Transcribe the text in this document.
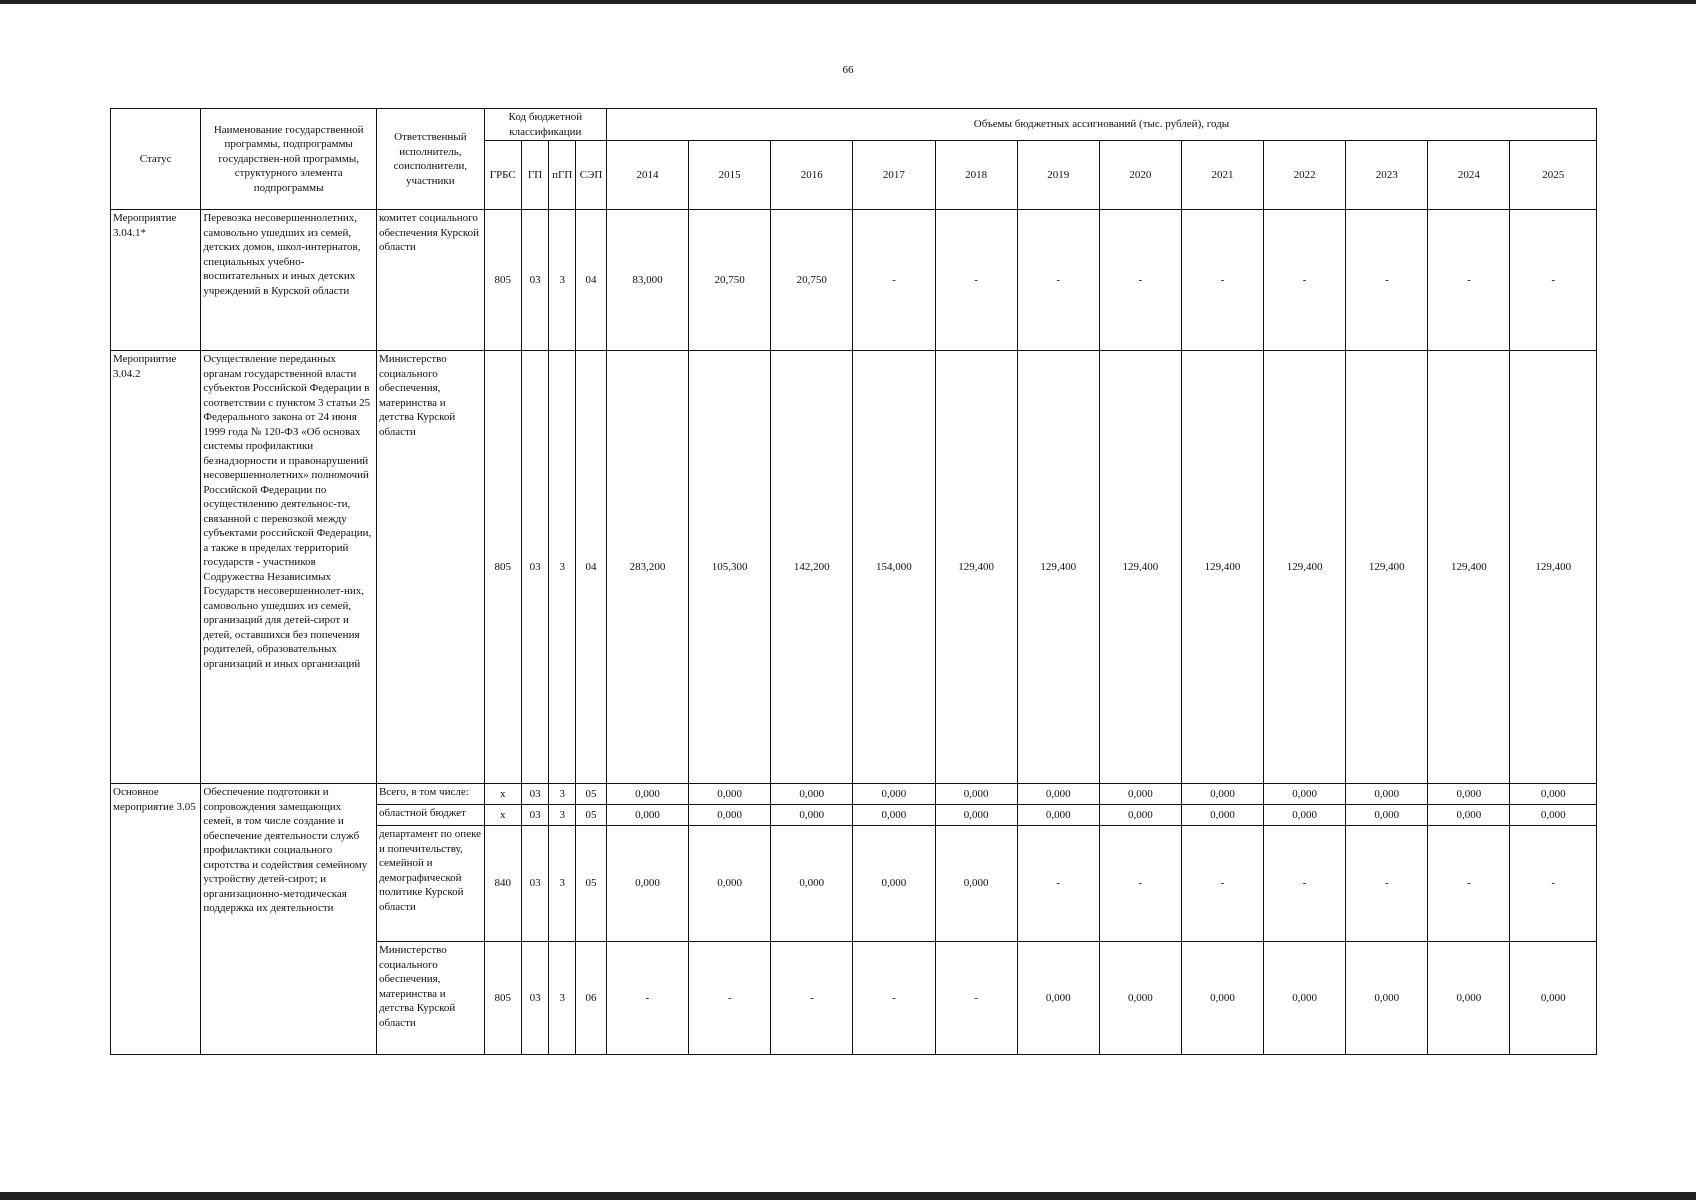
66
Статус	Наименование государственной программы, подпрограммы государствен-ной программы, структурного элемента подпрограммы	Ответственный исполнитель, соисполнители, участники	Код бюджетной классификации				Объемы бюджетных ассигнований (тыс. рублей), годы											
			ГРБС	ГП	пГП	СЭП	2014	2015	2016	2017	2018	2019	2020	2021	2022	2023	2024	2025
Мероприятие 3.04.1*	Перевозка несовершеннолетних, самовольно ушедших из семей, детских домов, школ-интернатов, специальных учебно-воспитательных и иных детских учреждений в Курской области	комитет социального обеспечения Курской области	805	03	3	04	83,000	20,750	20,750	-	-	-	-	-	-	-	-	-
Мероприятие 3.04.2	Осуществление переданных органам государственной власти субъектов Российской Федерации в соответствии с пунктом 3 статьи 25 Федерального закона от 24 июня 1999 года № 120-ФЗ «Об основах системы профилактики безнадзорности и правонарушений несовершеннолетних» полномочий Российской Федерации по осуществлению деятельнос-ти, связанной с перевозкой между субъектами российской Федерации, а также в пределах территорий государств - участников Содружества Независимых Государств несовершеннолет-них, самовольно ушедших из семей, организаций для детей-сирот и детей, оставшихся без попечения родителей, образовательных организаций и иных организаций	Министерство социального обеспечения, материнства и детства Курской области	805	03	3	04	283,200	105,300	142,200	154,000	129,400	129,400	129,400	129,400	129,400	129,400	129,400	129,400
Основное мероприятие 3.05	Обеспечение подготовки и сопровождения замещающих семей, в том числе создание и обеспечение деятельности служб профилактики социального сиротства и содействия семейному устройству детей-сирот; и организационно-методическая поддержка их деятельности	Всего, в том числе:	x	03	3	05	0,000	0,000	0,000	0,000	0,000	0,000	0,000	0,000	0,000	0,000	0,000	0,000
		областной бюджет	x	03	3	05	0,000	0,000	0,000	0,000	0,000	0,000	0,000	0,000	0,000	0,000	0,000	0,000
		департамент по опеке и попечительству, семейной и демографической политике Курской области	840	03	3	05	0,000	0,000	0,000	0,000	0,000	-	-	-	-	-	-	-
		Министерство социального обеспечения, материнства и детства Курской области	805	03	3	06	-	-	-	-	-	0,000	0,000	0,000	0,000	0,000	0,000	0,000
